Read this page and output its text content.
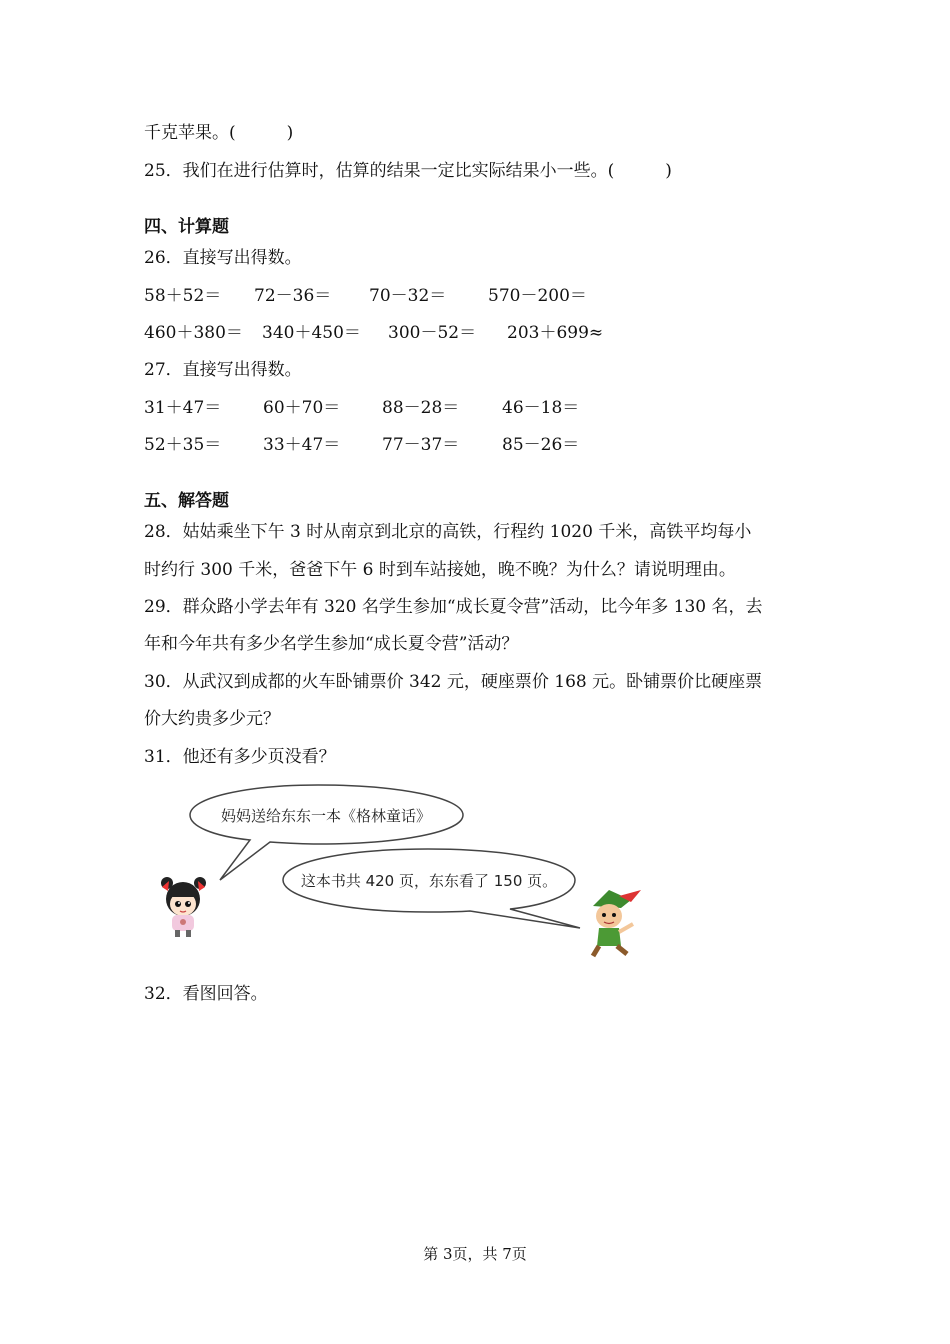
千克苹果。(　　　)
25．我们在进行估算时，估算的结果一定比实际结果小一些。(　　　)
四、计算题
26．直接写出得数。
58＋52＝ 72－36＝ 70－32＝ 570－200＝
460＋380＝ 340＋450＝ 300－52＝ 203＋699≈
27．直接写出得数。
31＋47＝ 60＋70＝ 88－28＝	46－18＝
52＋35＝ 33＋47＝ 77－37＝	85－26＝
五、解答题
28．姑姑乘坐下午 3 时从南京到北京的高铁，行程约 1020 千米，高铁平均每小
时约行 300 千米，爸爸下午 6 时到车站接她，晚不晚？为什么？请说明理由。
29．群众路小学去年有 320 名学生参加“成长夏令营”活动，比今年多 130 名，去
年和今年共有多少名学生参加“成长夏令营”活动？
30．从武汉到成都的火车卧铺票价 342 元，硬座票价 168 元。卧铺票价比硬座票
价大约贵多少元？
31．他还有多少页没看？
妈妈送给东东一本《格林童话》
这本书共 420 页，东东看了 150 页。
32．看图回答。
第 3页，共 7页
